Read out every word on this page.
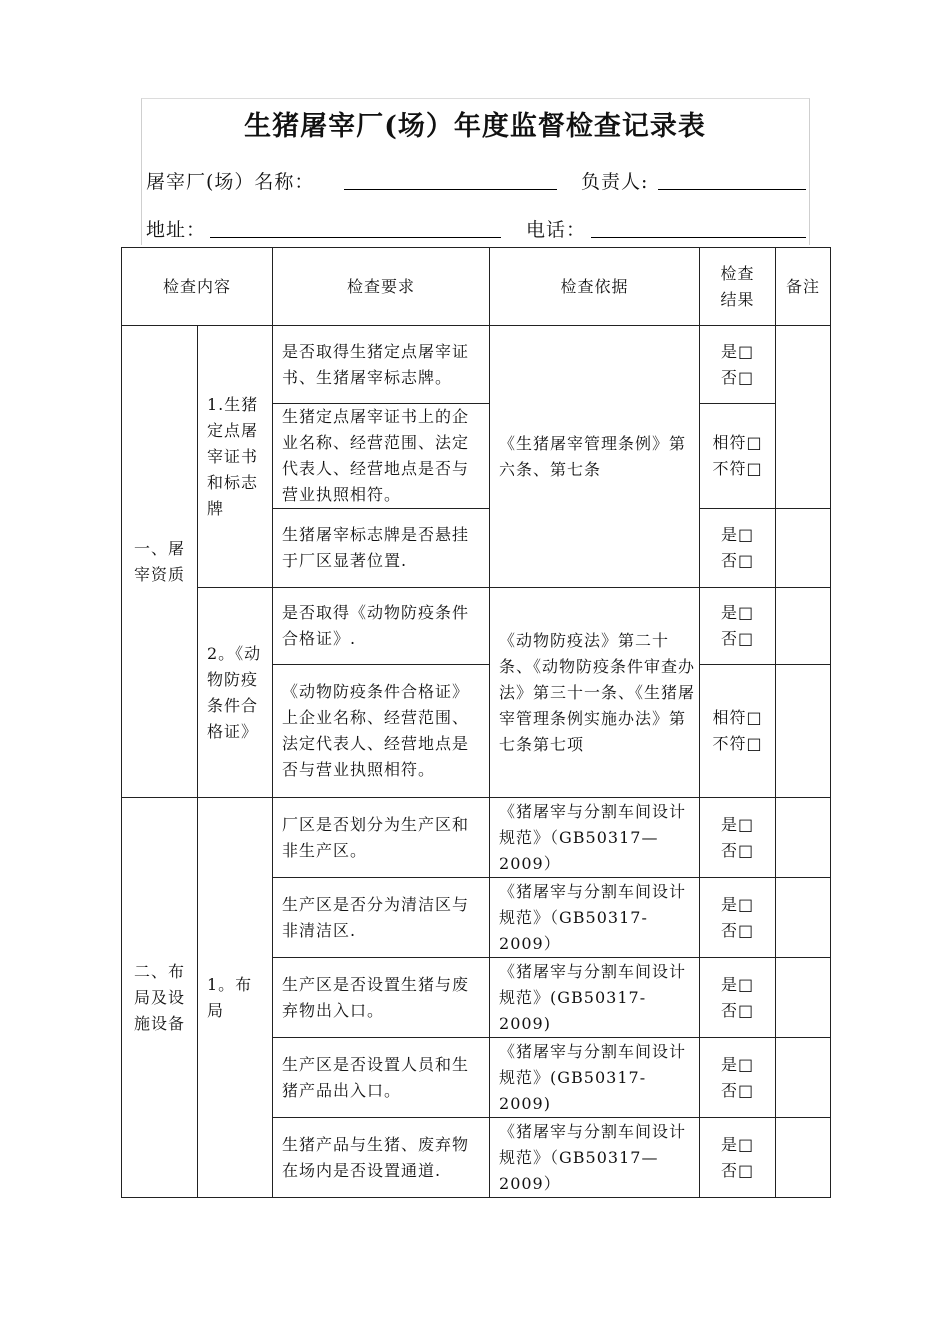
生猪屠宰厂(场）年度监督检查记录表
屠宰厂(场）名称：	负责人:
地址：	电话：
检查内容		检查要求	检查依据	检查
结果	备注
一、屠宰资质	1.生猪定点屠宰证书和标志牌	是否取得生猪定点屠宰证书、生猪屠宰标志牌。	《生猪屠宰管理条例》第六条、第七条	是□
否□	

		生猪定点屠宰证书上的企业名称、经营范围、法定代表人、经营地点是否与营业执照相符。		相符□
不符□	

		生猪屠宰标志牌是否悬挂于厂区显著位置.		是□
否□	

	2。《动物防疫条件合格证》	是否取得《动物防疫条件合格证》.	《动物防疫法》第二十条、《动物防疫条件审查办法》第三十一条、《生猪屠宰管理条例实施办法》第七条第七项	是□
否□	

		《动物防疫条件合格证》上企业名称、经营范围、法定代表人、经营地点是否与营业执照相符。		相符□
不符□	

二、布局及设施设备	1。布局	厂区是否划分为生产区和非生产区。	《猪屠宰与分割车间设计规范》（GB50317—2009）	是□
否□	

		生产区是否分为清洁区与非清洁区.	《猪屠宰与分割车间设计规范》（GB50317-2009）	是□
否□	

		生产区是否设置生猪与废弃物出入口。	《猪屠宰与分割车间设计规范》(GB50317-2009)	是□
否□	

		生产区是否设置人员和生猪产品出入口。	《猪屠宰与分割车间设计规范》(GB50317-2009)	是□
否□	

		生猪产品与生猪、废弃物在场内是否设置通道.	《猪屠宰与分割车间设计规范》（GB50317—2009）	是□
否□	
